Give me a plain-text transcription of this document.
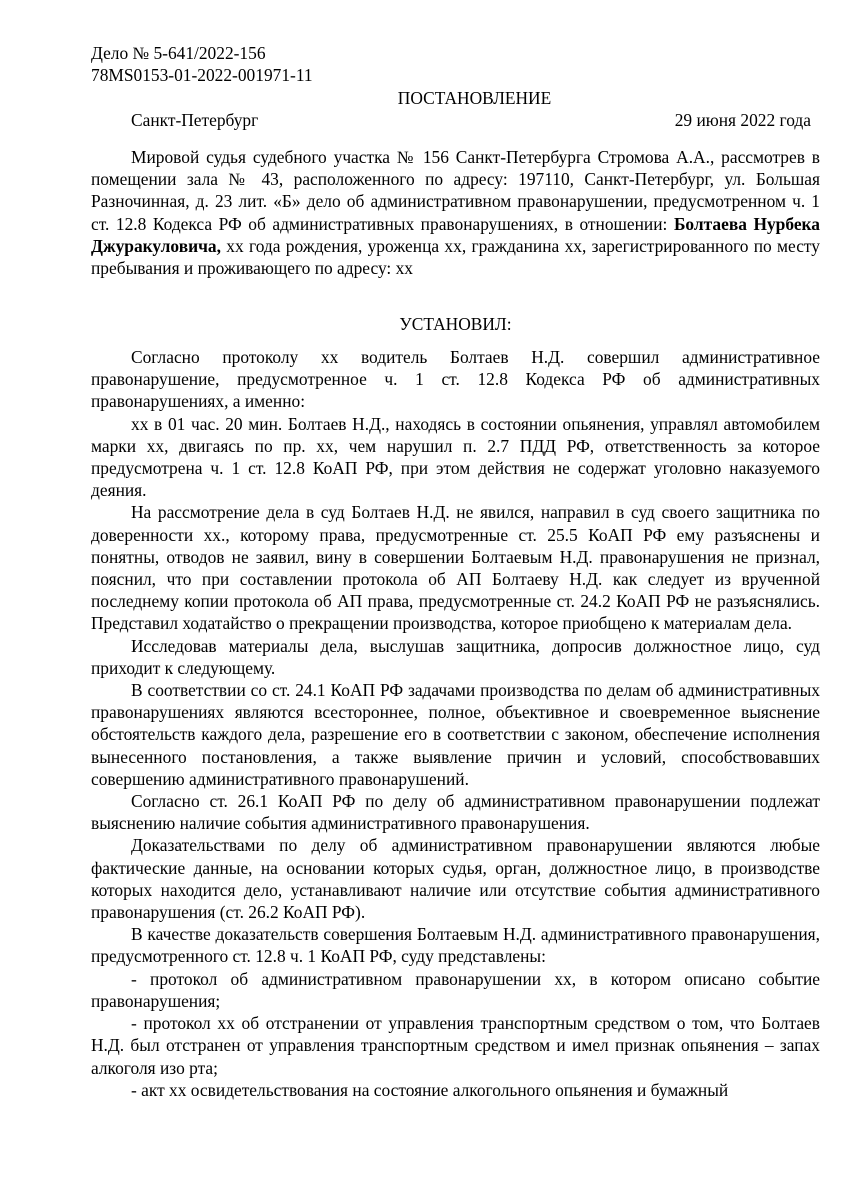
Дело № 5-641/2022-156
78MS0153-01-2022-001971-11
ПОСТАНОВЛЕНИЕ
Санкт-Петербург	29 июня 2022 года

Мировой судья судебного участка № 156 Санкт-Петербурга Стромова А.А., рассмотрев в помещении зала № 43, расположенного по адресу: 197110, Санкт-Петербург, ул. Большая Разночинная, д. 23 лит. «Б» дело об административном правонарушении, предусмотренном ч. 1 ст. 12.8 Кодекса РФ об административных правонарушениях, в отношении: Болтаева Нурбека Джуракуловича, хх года рождения, уроженца хх, гражданина хх, зарегистрированного по месту пребывания и проживающего по адресу: хх

УСТАНОВИЛ:

Согласно протоколу хх водитель Болтаев Н.Д. совершил административное правонарушение, предусмотренное ч. 1 ст. 12.8 Кодекса РФ об административных правонарушениях, а именно:

хх в 01 час. 20 мин. Болтаев Н.Д., находясь в состоянии опьянения, управлял автомобилем марки хх, двигаясь по пр. хх, чем нарушил п. 2.7 ПДД РФ, ответственность за которое предусмотрена ч. 1 ст. 12.8 КоАП РФ, при этом действия не содержат уголовно наказуемого деяния.

На рассмотрение дела в суд Болтаев Н.Д. не явился, направил в суд своего защитника по доверенности хх., которому права, предусмотренные ст. 25.5 КоАП РФ ему разъяснены и понятны, отводов не заявил, вину в совершении Болтаевым Н.Д. правонарушения не признал, пояснил, что при составлении протокола об АП Болтаеву Н.Д. как следует из врученной последнему копии протокола об АП права, предусмотренные ст. 24.2 КоАП РФ не разъяснялись. Представил ходатайство о прекращении производства, которое приобщено к материалам дела.

Исследовав материалы дела, выслушав защитника, допросив должностное лицо, суд приходит к следующему.

В соответствии со ст. 24.1 КоАП РФ задачами производства по делам об административных правонарушениях являются всестороннее, полное, объективное и своевременное выяснение обстоятельств каждого дела, разрешение его в соответствии с законом, обеспечение исполнения вынесенного постановления, а также выявление причин и условий, способствовавших совершению административного правонарушений.

Согласно ст. 26.1 КоАП РФ по делу об административном правонарушении подлежат выяснению наличие события административного правонарушения.

Доказательствами по делу об административном правонарушении являются любые фактические данные, на основании которых судья, орган, должностное лицо, в производстве которых находится дело, устанавливают наличие или отсутствие события административного правонарушения (ст. 26.2 КоАП РФ).

В качестве доказательств совершения Болтаевым Н.Д. административного правонарушения, предусмотренного ст. 12.8 ч. 1 КоАП РФ, суду представлены:

- протокол об административном правонарушении хх, в котором описано событие правонарушения;

- протокол хх об отстранении от управления транспортным средством о том, что Болтаев Н.Д. был отстранен от управления транспортным средством и имел признак опьянения – запах алкоголя изо рта;

- акт хх освидетельствования на состояние алкогольного опьянения и бумажный
